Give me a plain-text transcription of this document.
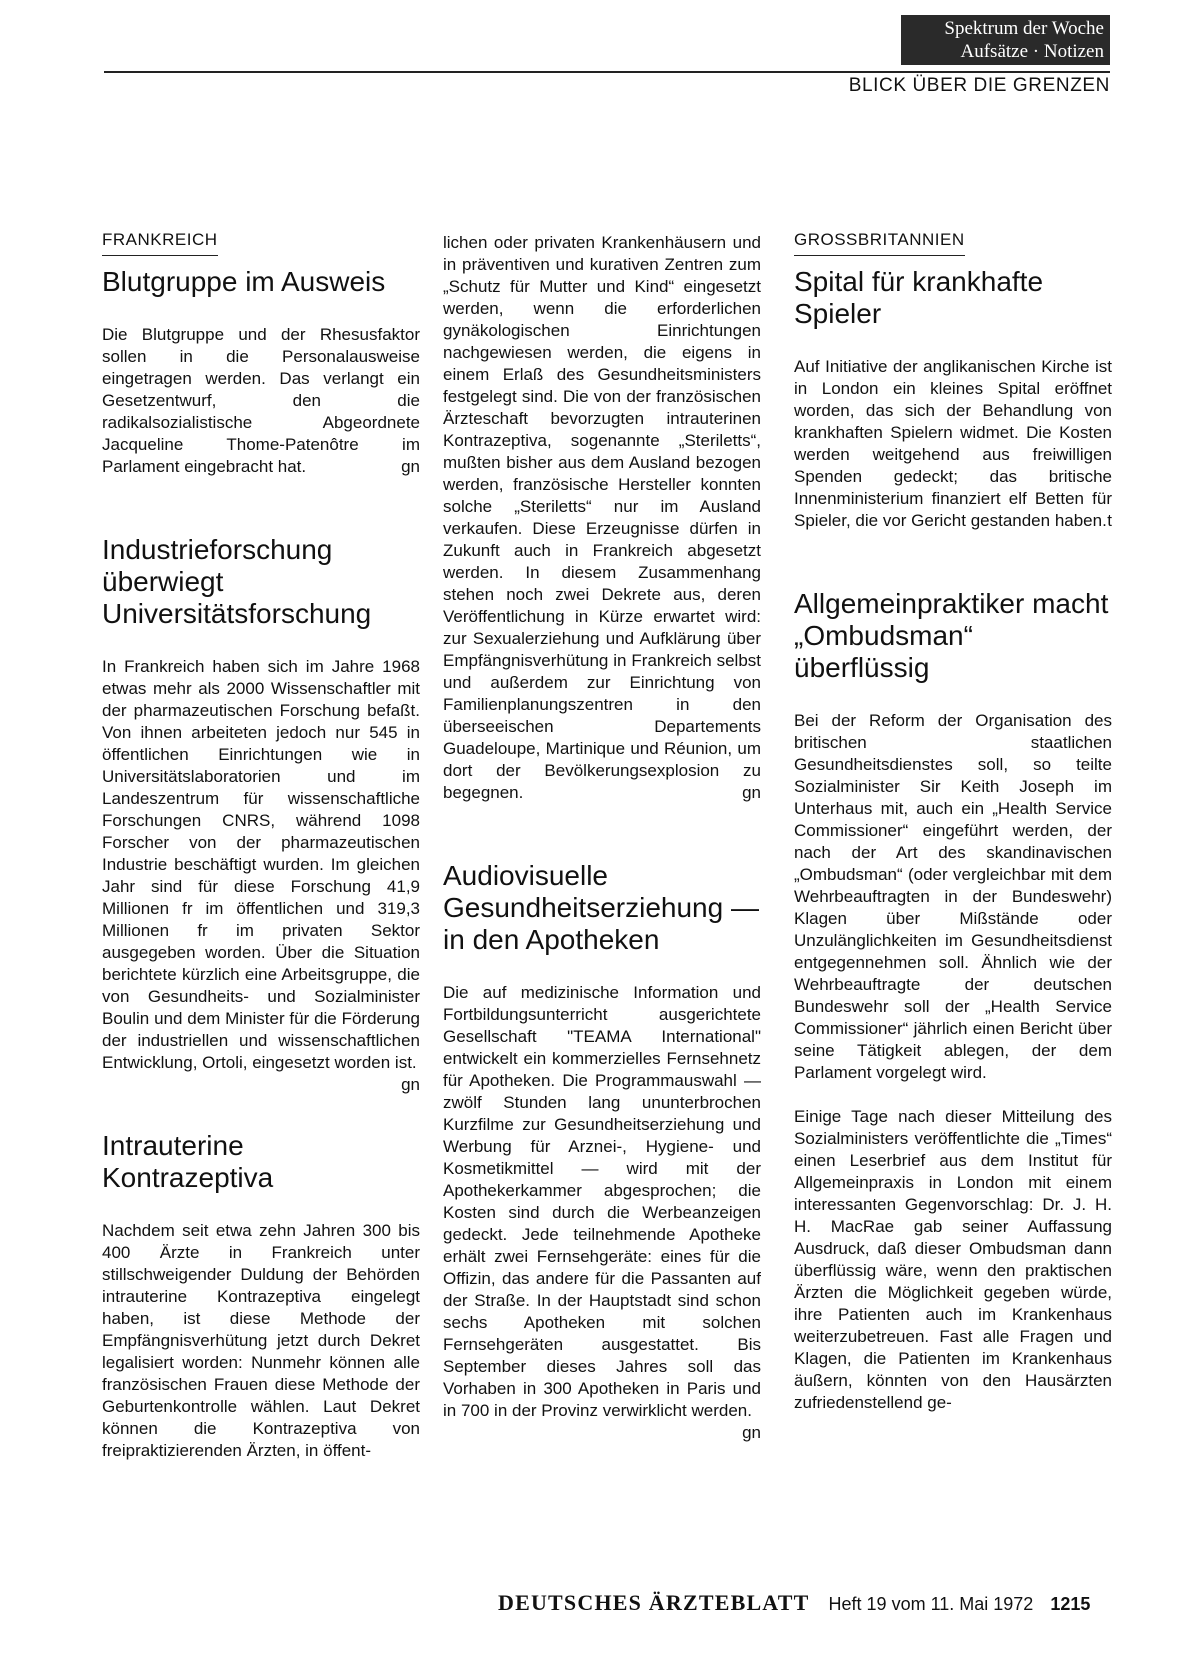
Spektrum der Woche
Aufsätze · Notizen
BLICK ÜBER DIE GRENZEN
FRANKREICH
Blutgruppe im Ausweis

Die Blutgruppe und der Rhesusfaktor sollen in die Personalausweise eingetragen werden. Das verlangt ein Gesetzentwurf, den die radikalsozialistische Abgeordnete Jacqueline Thome-Patenôtre im Parlament eingebracht hat.	gn

Industrieforschung überwiegt Universitätsforschung

In Frankreich haben sich im Jahre 1968 etwas mehr als 2000 Wissenschaftler mit der pharmazeutischen Forschung befaßt. Von ihnen arbeiteten jedoch nur 545 in öffentlichen Einrichtungen wie in Universitätslaboratorien und im Landeszentrum für wissenschaftliche Forschungen CNRS, während 1098 Forscher von der pharmazeutischen Industrie beschäftigt wurden. Im gleichen Jahr sind für diese Forschung 41,9 Millionen fr im öffentlichen und 319,3 Millionen fr im privaten Sektor ausgegeben worden. Über die Situation berichtete kürzlich eine Arbeitsgruppe, die von Gesundheits- und Sozialminister Boulin und dem Minister für die Förderung der industriellen und wissenschaftlichen Entwicklung, Ortoli, eingesetzt worden ist.
gn

Intrauterine Kontrazeptiva

Nachdem seit etwa zehn Jahren 300 bis 400 Ärzte in Frankreich unter stillschweigender Duldung der Behörden intrauterine Kontrazeptiva eingelegt haben, ist diese Methode der Empfängnisverhütung jetzt durch Dekret legalisiert worden: Nunmehr können alle französischen Frauen diese Methode der Geburtenkontrolle wählen. Laut Dekret können die Kontrazeptiva von freipraktizierenden Ärzten, in öffent-

lichen oder privaten Krankenhäusern und in präventiven und kurativen Zentren zum „Schutz für Mutter und Kind“ eingesetzt werden, wenn die erforderlichen gynäkologischen Einrichtungen nachgewiesen werden, die eigens in einem Erlaß des Gesundheitsministers festgelegt sind. Die von der französischen Ärzteschaft bevorzugten intrauterinen Kontrazeptiva, sogenannte „Steriletts“, mußten bisher aus dem Ausland bezogen werden, französische Hersteller konnten solche „Steriletts“ nur im Ausland verkaufen. Diese Erzeugnisse dürfen in Zukunft auch in Frankreich abgesetzt werden. In diesem Zusammenhang stehen noch zwei Dekrete aus, deren Veröffentlichung in Kürze erwartet wird: zur Sexualerziehung und Aufklärung über Empfängnisverhütung in Frankreich selbst und außerdem zur Einrichtung von Familienplanungszentren in den überseeischen Departements Guadeloupe, Martinique und Réunion, um dort der Bevölkerungsexplosion zu begegnen.	gn

Audiovisuelle Gesundheitserziehung — in den Apotheken

Die auf medizinische Information und Fortbildungsunterricht ausgerichtete Gesellschaft "TEAMA International" entwickelt ein kommerzielles Fernsehnetz für Apotheken. Die Programmauswahl — zwölf Stunden lang ununterbrochen Kurzfilme zur Gesundheitserziehung und Werbung für Arznei-, Hygiene- und Kosmetikmittel — wird mit der Apothekerkammer abgesprochen; die Kosten sind durch die Werbeanzeigen gedeckt. Jede teilnehmende Apotheke erhält zwei Fernsehgeräte: eines für die Offizin, das andere für die Passanten auf der Straße. In der Hauptstadt sind schon sechs Apotheken mit solchen Fernsehgeräten ausgestattet. Bis September dieses Jahres soll das Vorhaben in 300 Apotheken in Paris und in 700 in der Provinz verwirklicht werden.
gn

GROSSBRITANNIEN
Spital für krankhafte Spieler

Auf Initiative der anglikanischen Kirche ist in London ein kleines Spital eröffnet worden, das sich der Behandlung von krankhaften Spielern widmet. Die Kosten werden weitgehend aus freiwilligen Spenden gedeckt; das britische Innenministerium finanziert elf Betten für Spieler, die vor Gericht gestanden haben. t

Allgemeinpraktiker macht „Ombudsman“ überflüssig

Bei der Reform der Organisation des britischen staatlichen Gesundheitsdienstes soll, so teilte Sozialminister Sir Keith Joseph im Unterhaus mit, auch ein „Health Service Commissioner“ eingeführt werden, der nach der Art des skandinavischen „Ombudsman“ (oder vergleichbar mit dem Wehrbeauftragten in der Bundeswehr) Klagen über Mißstände oder Unzulänglichkeiten im Gesundheitsdienst entgegennehmen soll. Ähnlich wie der Wehrbeauftragte der deutschen Bundeswehr soll der „Health Service Commissioner“ jährlich einen Bericht über seine Tätigkeit ablegen, der dem Parlament vorgelegt wird.

Einige Tage nach dieser Mitteilung des Sozialministers veröffentlichte die „Times“ einen Leserbrief aus dem Institut für Allgemeinpraxis in London mit einem interessanten Gegenvorschlag: Dr. J. H. H. MacRae gab seiner Auffassung Ausdruck, daß dieser Ombudsman dann überflüssig wäre, wenn den praktischen Ärzten die Möglichkeit gegeben würde, ihre Patienten auch im Krankenhaus weiterzubetreuen. Fast alle Fragen und Klagen, die Patienten im Krankenhaus äußern, könnten von den Hausärzten zufriedenstellend ge-

DEUTSCHES ÄRZTEBLATT Heft 19 vom 11. Mai 1972 1215
